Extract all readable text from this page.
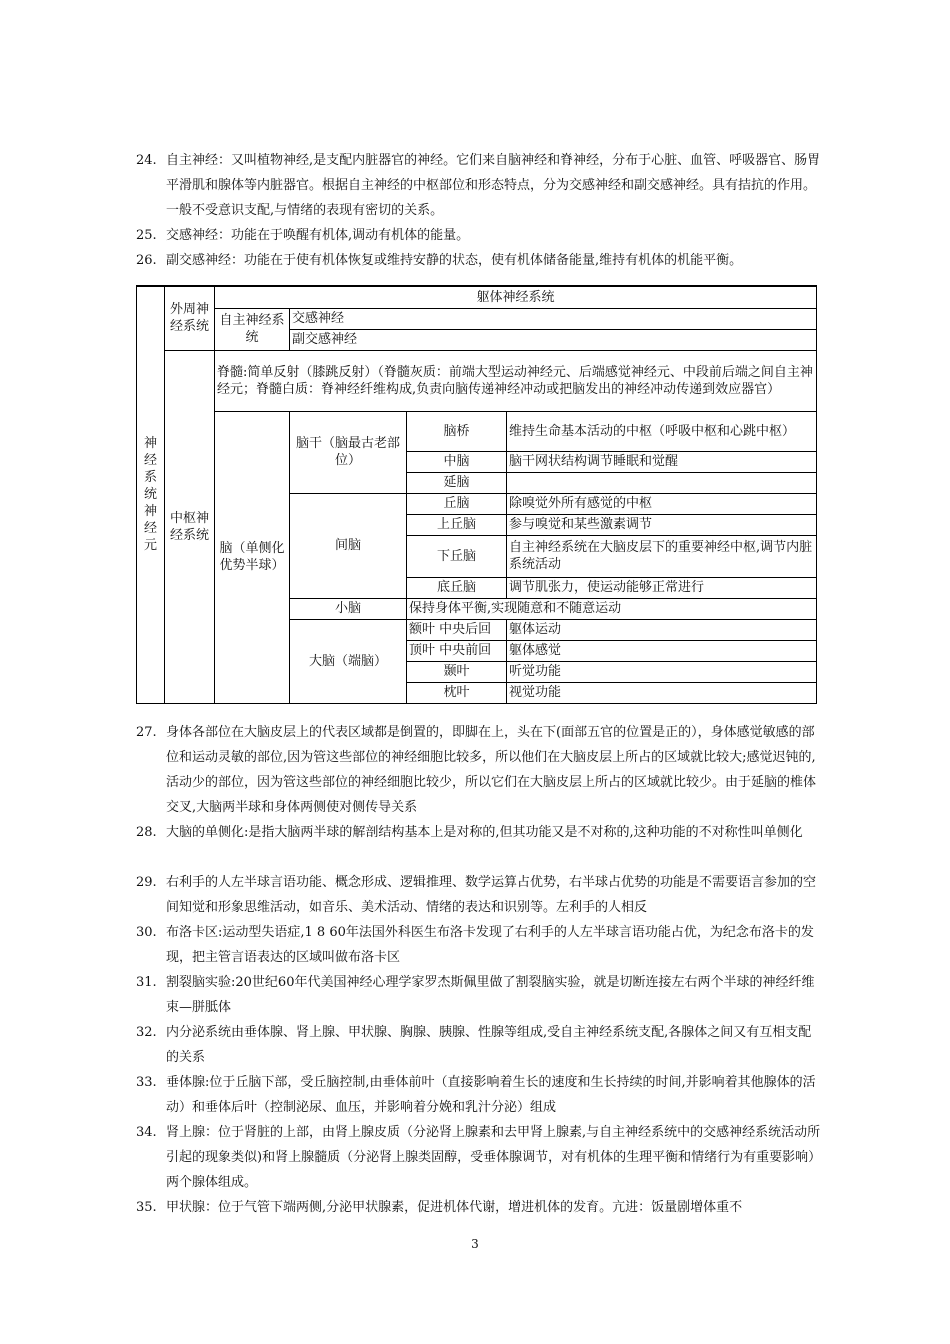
24. 自主神经：又叫植物神经,是支配内脏器官的神经。它们来自脑神经和脊神经，分布于心脏、血管、呼吸器官、肠胃平滑肌和腺体等内脏器官。根据自主神经的中枢部位和形态特点，分为交感神经和副交感神经。具有拮抗的作用。一般不受意识支配,与情绪的表现有密切的关系。
25. 交感神经：功能在于唤醒有机体,调动有机体的能量。
26. 副交感神经：功能在于使有机体恢复或维持安静的状态，使有机体储备能量,维持有机体的机能平衡。
神经系统神经元	外周神经系统	躯体神经系统			
		自主神经系统	交感神经		
			副交感神经		
	中枢神经系统	脊髓:简单反射（膝跳反射）（脊髓灰质：前端大型运动神经元、后端感觉神经元、中段前后端之间自主神经元；脊髓白质：脊神经纤维构成,负责向脑传递神经冲动或把脑发出的神经冲动传递到效应器官）			
		脑（单侧化优势半球）	脑干（脑最古老部位）	脑桥	维持生命基本活动的中枢（呼吸中枢和心跳中枢）
				中脑	脑干网状结构调节睡眠和觉醒
				延脑	
			间脑	丘脑	除嗅觉外所有感觉的中枢
				上丘脑	参与嗅觉和某些激素调节
				下丘脑	自主神经系统在大脑皮层下的重要神经中枢,调节内脏系统活动

				底丘脑	调节肌张力，使运动能够正常进行
			小脑	保持身体平衡,实现随意和不随意运动	
			大脑（端脑）	额叶 中央后回	躯体运动
				顶叶 中央前回	躯体感觉
				颞叶	听觉功能
				枕叶	视觉功能
27. 身体各部位在大脑皮层上的代表区域都是倒置的，即脚在上，头在下(面部五官的位置是正的），身体感觉敏感的部位和运动灵敏的部位,因为管这些部位的神经细胞比较多，所以他们在大脑皮层上所占的区域就比较大;感觉迟钝的,活动少的部位，因为管这些部位的神经细胞比较少，所以它们在大脑皮层上所占的区域就比较少。由于延脑的椎体交叉,大脑两半球和身体两侧使对侧传导关系
28. 大脑的单侧化:是指大脑两半球的解剖结构基本上是对称的,但其功能又是不对称的,这种功能的不对称性叫单侧化
29. 右利手的人左半球言语功能、概念形成、逻辑推理、数学运算占优势，右半球占优势的功能是不需要语言参加的空间知觉和形象思维活动，如音乐、美术活动、情绪的表达和识别等。左利手的人相反
30. 布洛卡区:运动型失语症,1 8 60年法国外科医生布洛卡发现了右利手的人左半球言语功能占优，为纪念布洛卡的发现，把主管言语表达的区域叫做布洛卡区
31. 割裂脑实验:20世纪60年代美国神经心理学家罗杰斯佩里做了割裂脑实验，就是切断连接左右两个半球的神经纤维束—胼胝体
32. 内分泌系统由垂体腺、肾上腺、甲状腺、胸腺、胰腺、性腺等组成,受自主神经系统支配,各腺体之间又有互相支配的关系
33. 垂体腺:位于丘脑下部，受丘脑控制,由垂体前叶（直接影响着生长的速度和生长持续的时间,并影响着其他腺体的活动）和垂体后叶（控制泌尿、血压，并影响着分娩和乳汁分泌）组成
34. 肾上腺：位于肾脏的上部，由肾上腺皮质（分泌肾上腺素和去甲肾上腺素,与自主神经系统中的交感神经系统活动所引起的现象类似)和肾上腺髓质（分泌肾上腺类固醇，受垂体腺调节，对有机体的生理平衡和情绪行为有重要影响）两个腺体组成。
35. 甲状腺：位于气管下端两侧,分泌甲状腺素，促进机体代谢，增进机体的发育。亢进：饭量剧增体重不
3
